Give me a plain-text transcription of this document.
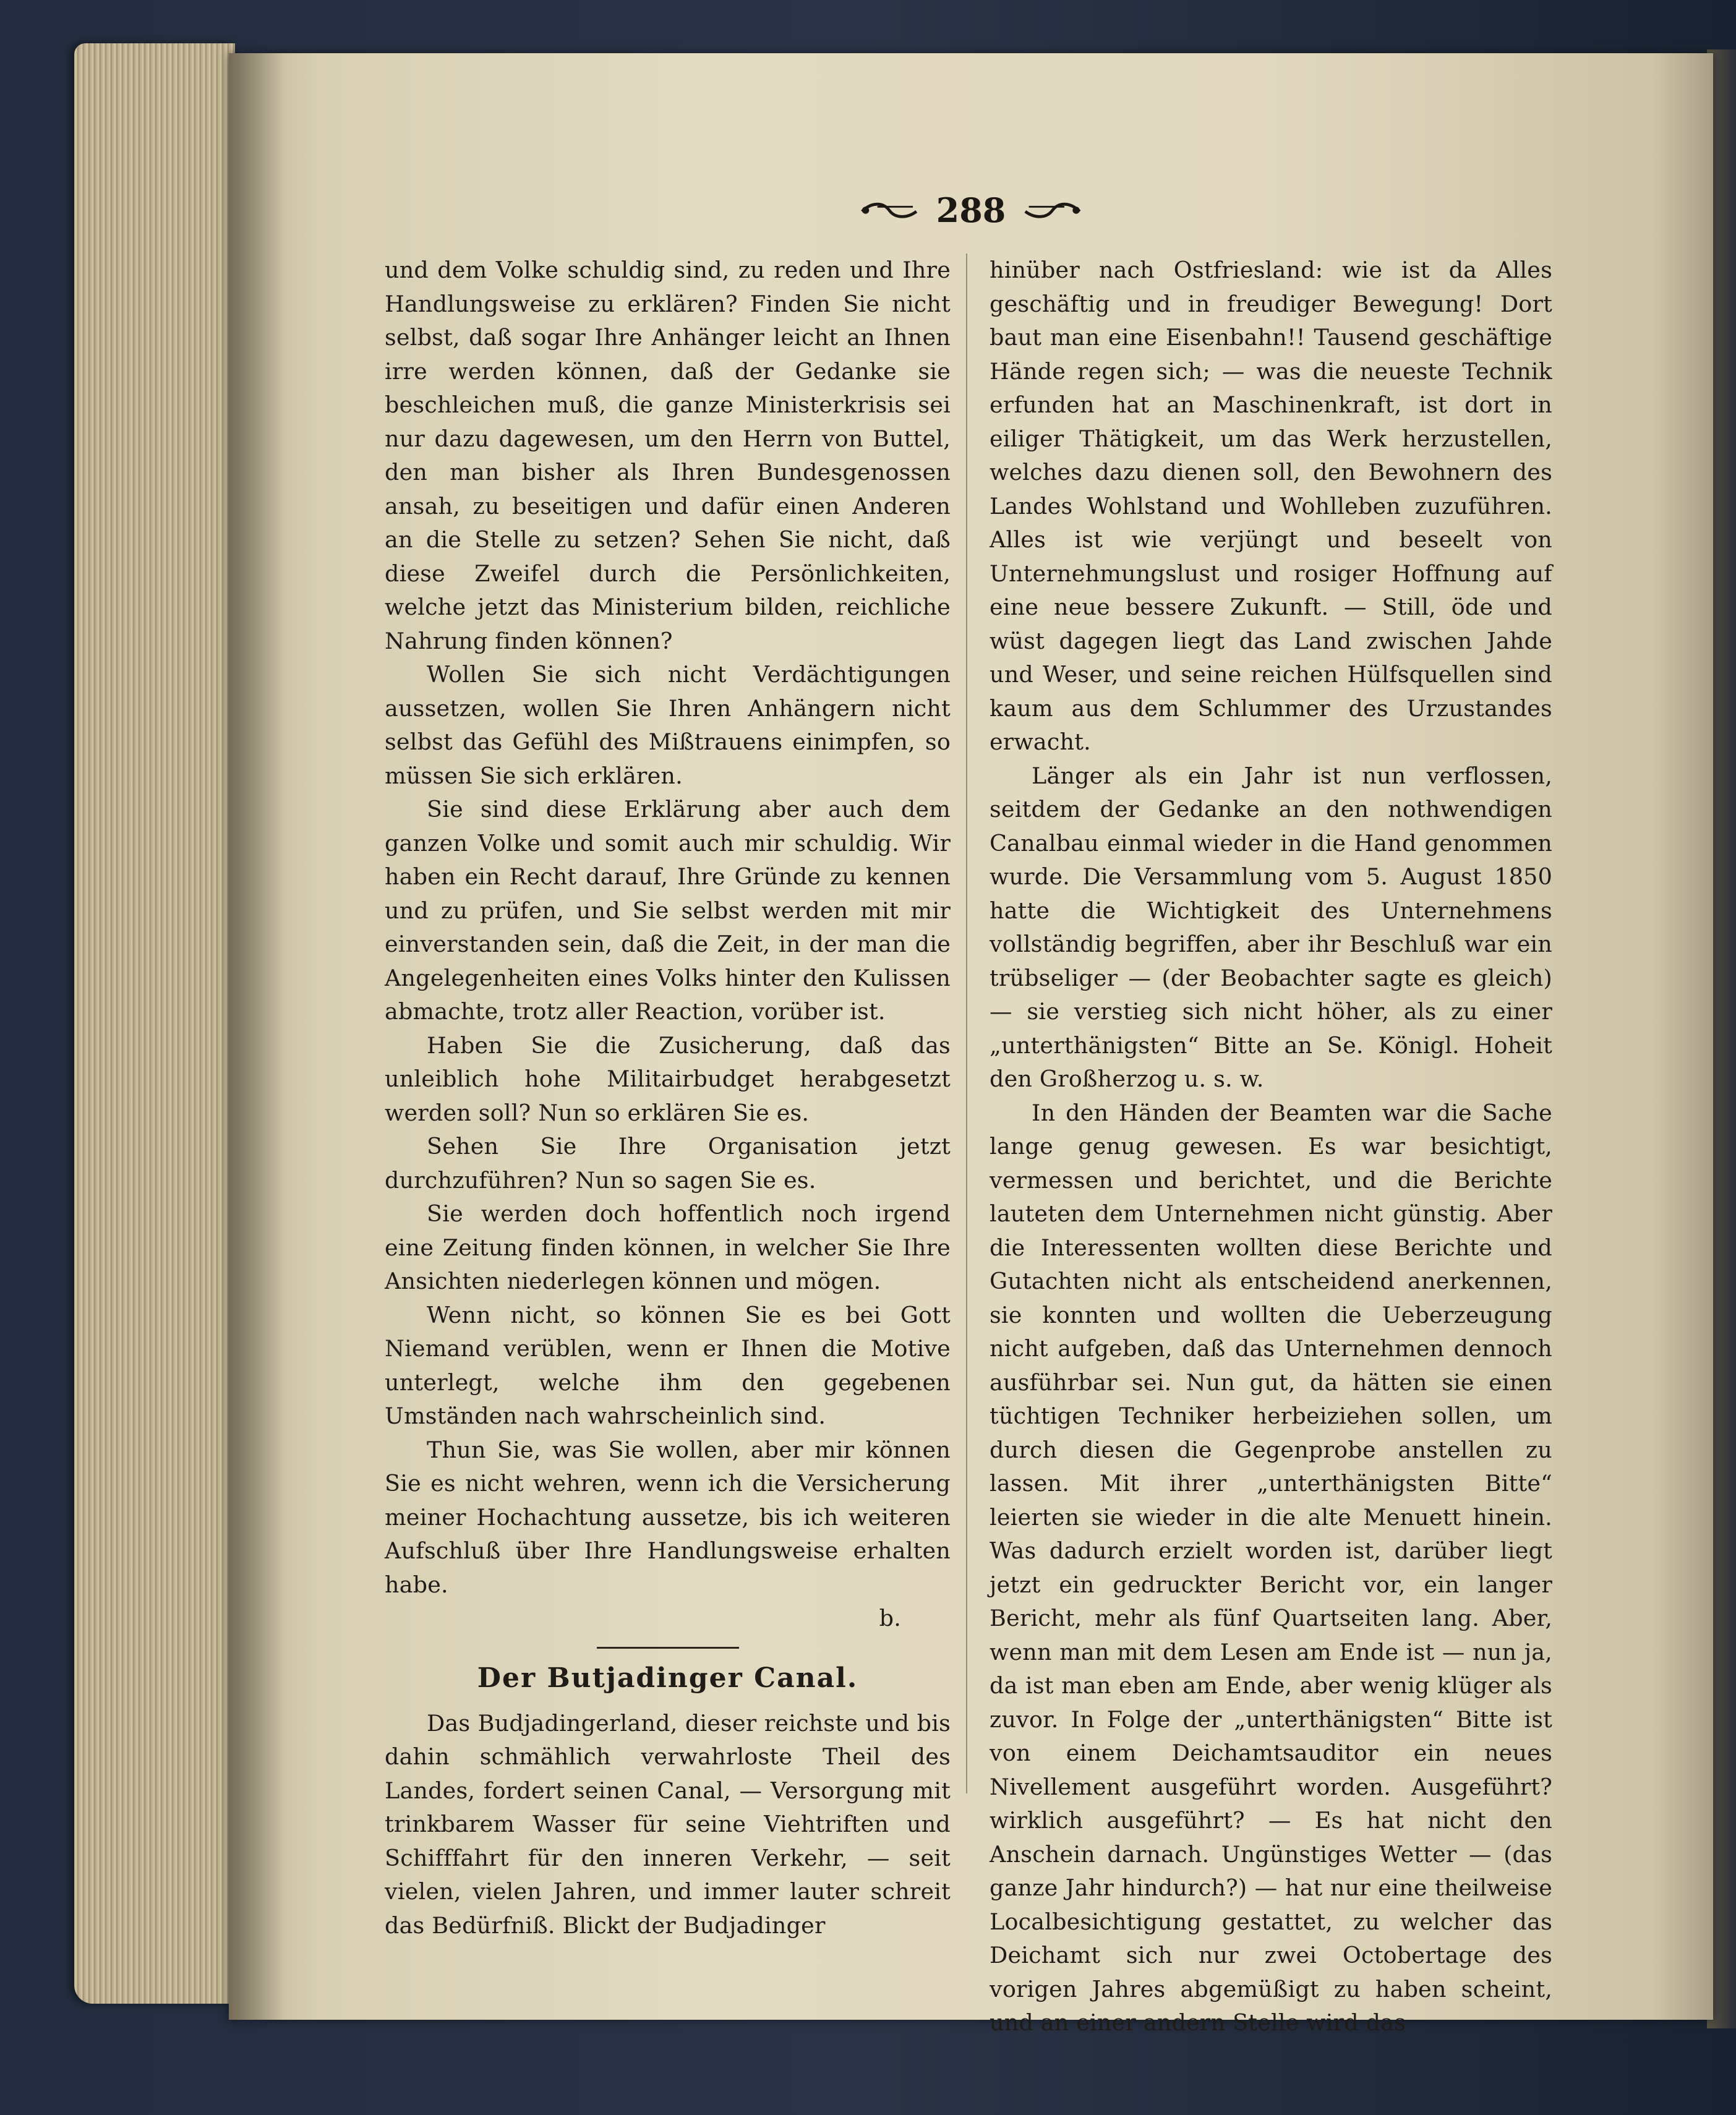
288

und dem Volke schuldig sind, zu reden und Ihre Handlungsweise zu erklären? Finden Sie nicht selbst, daß sogar Ihre Anhänger leicht an Ihnen irre werden können, daß der Gedanke sie beschleichen muß, die ganze Ministerkrisis sei nur dazu dagewesen, um den Herrn von Buttel, den man bisher als Ihren Bundesgenossen ansah, zu beseitigen und dafür einen Anderen an die Stelle zu setzen? Sehen Sie nicht, daß diese Zweifel durch die Persönlichkeiten, welche jetzt das Ministerium bilden, reichliche Nahrung finden können?

Wollen Sie sich nicht Verdächtigungen aussetzen, wollen Sie Ihren Anhängern nicht selbst das Gefühl des Mißtrauens einimpfen, so müssen Sie sich erklären.

Sie sind diese Erklärung aber auch dem ganzen Volke und somit auch mir schuldig. Wir haben ein Recht darauf, Ihre Gründe zu kennen und zu prüfen, und Sie selbst werden mit mir einverstanden sein, daß die Zeit, in der man die Angelegenheiten eines Volks hinter den Kulissen abmachte, trotz aller Reaction, vorüber ist.

Haben Sie die Zusicherung, daß das unleiblich hohe Militairbudget herabgesetzt werden soll? Nun so erklären Sie es.

Sehen Sie Ihre Organisation jetzt durchzuführen? Nun so sagen Sie es.

Sie werden doch hoffentlich noch irgend eine Zeitung finden können, in welcher Sie Ihre Ansichten niederlegen können und mögen.

Wenn nicht, so können Sie es bei Gott Niemand verüblen, wenn er Ihnen die Motive unterlegt, welche ihm den gegebenen Umständen nach wahrscheinlich sind.

Thun Sie, was Sie wollen, aber mir können Sie es nicht wehren, wenn ich die Versicherung meiner Hochachtung aussetze, bis ich weiteren Aufschluß über Ihre Handlungsweise erhalten habe.

b.

Der Butjadinger Canal.

Das Budjadingerland, dieser reichste und bis dahin schmählich verwahrloste Theil des Landes, fordert seinen Canal, — Versorgung mit trinkbarem Wasser für seine Viehtriften und Schifffahrt für den inneren Verkehr, — seit vielen, vielen Jahren, und immer lauter schreit das Bedürfniß. Blickt der Budjadinger

hinüber nach Ostfriesland: wie ist da Alles geschäftig und in freudiger Bewegung! Dort baut man eine Eisenbahn!! Tausend geschäftige Hände regen sich; — was die neueste Technik erfunden hat an Maschinenkraft, ist dort in eiliger Thätigkeit, um das Werk herzustellen, welches dazu dienen soll, den Bewohnern des Landes Wohlstand und Wohlleben zuzuführen. Alles ist wie verjüngt und beseelt von Unternehmungslust und rosiger Hoffnung auf eine neue bessere Zukunft. — Still, öde und wüst dagegen liegt das Land zwischen Jahde und Weser, und seine reichen Hülfsquellen sind kaum aus dem Schlummer des Urzustandes erwacht.

Länger als ein Jahr ist nun verflossen, seitdem der Gedanke an den nothwendigen Canalbau einmal wieder in die Hand genommen wurde. Die Versammlung vom 5. August 1850 hatte die Wichtigkeit des Unternehmens vollständig begriffen, aber ihr Beschluß war ein trübseliger — (der Beobachter sagte es gleich) — sie verstieg sich nicht höher, als zu einer „unterthänigsten“ Bitte an Se. Königl. Hoheit den Großherzog u. s. w.

In den Händen der Beamten war die Sache lange genug gewesen. Es war besichtigt, vermessen und berichtet, und die Berichte lauteten dem Unternehmen nicht günstig. Aber die Interessenten wollten diese Berichte und Gutachten nicht als entscheidend anerkennen, sie konnten und wollten die Ueberzeugung nicht aufgeben, daß das Unternehmen dennoch ausführbar sei. Nun gut, da hätten sie einen tüchtigen Techniker herbeiziehen sollen, um durch diesen die Gegenprobe anstellen zu lassen. Mit ihrer „unterthänigsten Bitte“ leierten sie wieder in die alte Menuett hinein. Was dadurch erzielt worden ist, darüber liegt jetzt ein gedruckter Bericht vor, ein langer Bericht, mehr als fünf Quartseiten lang. Aber, wenn man mit dem Lesen am Ende ist — nun ja, da ist man eben am Ende, aber wenig klüger als zuvor. In Folge der „unterthänigsten“ Bitte ist von einem Deichamtsauditor ein neues Nivellement ausgeführt worden. Ausgeführt? wirklich ausgeführt? — Es hat nicht den Anschein darnach. Ungünstiges Wetter — (das ganze Jahr hindurch?) — hat nur eine theilweise Localbesichtigung gestattet, zu welcher das Deichamt sich nur zwei Octobertage des vorigen Jahres abgemüßigt zu haben scheint, und an einer andern Stelle wird das
